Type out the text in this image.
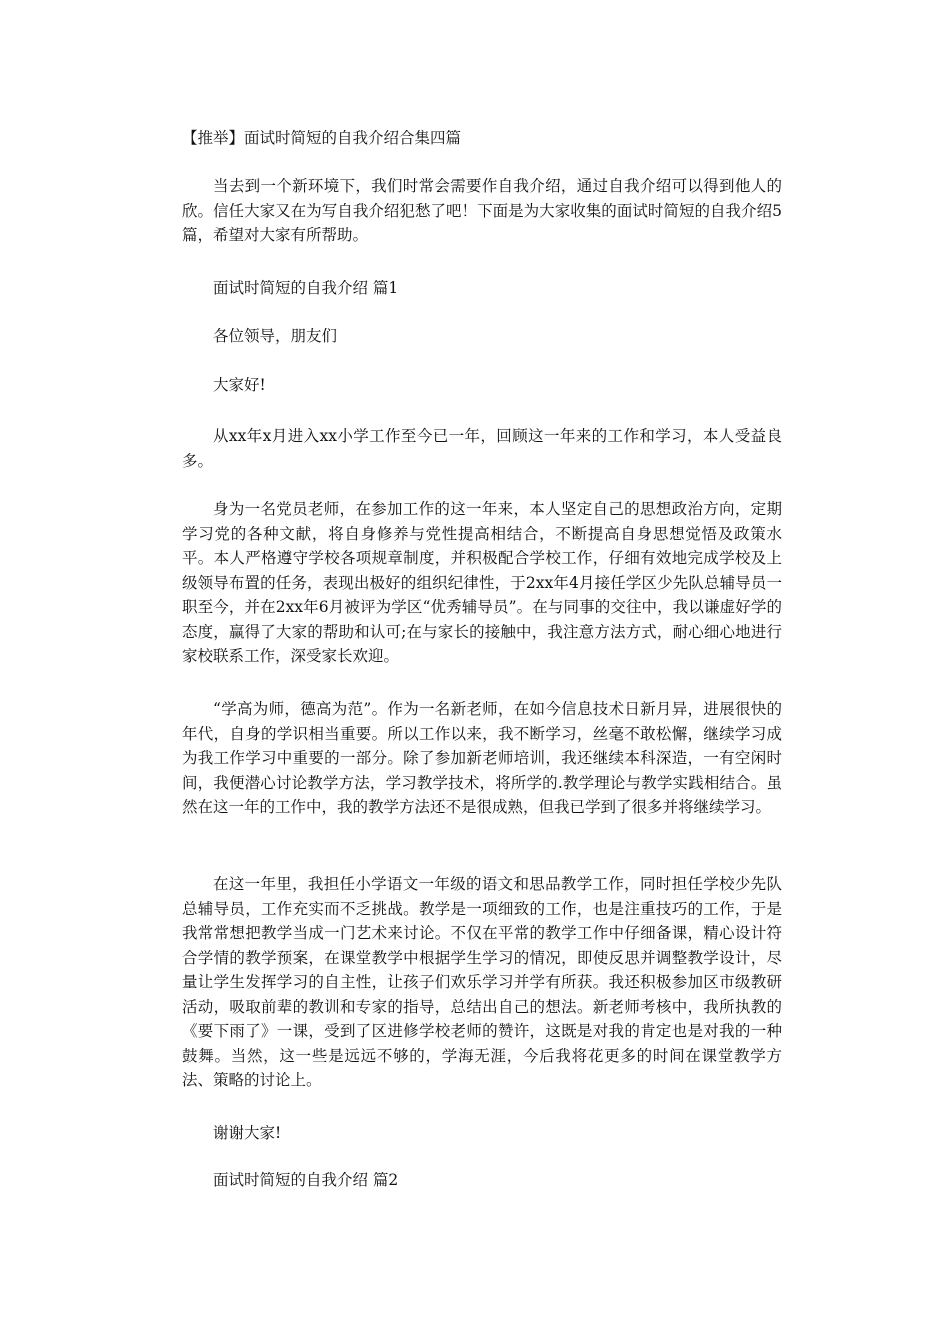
【推举】面试时简短的自我介绍合集四篇

当去到一个新环境下，我们时常会需要作自我介绍，通过自我介绍可以得到他人的欣。信任大家又在为写自我介绍犯愁了吧！下面是为大家收集的面试时简短的自我介绍5篇，希望对大家有所帮助。

面试时简短的自我介绍 篇1

各位领导，朋友们

大家好!

从xx年x月进入xx小学工作至今已一年，回顾这一年来的工作和学习，本人受益良多。

身为一名党员老师，在参加工作的这一年来，本人坚定自己的思想政治方向，定期学习党的各种文献，将自身修养与党性提高相结合，不断提高自身思想觉悟及政策水平。本人严格遵守学校各项规章制度，并积极配合学校工作，仔细有效地完成学校及上级领导布置的任务，表现出极好的组织纪律性，于2xx年4月接任学区少先队总辅导员一职至今，并在2xx年6月被评为学区“优秀辅导员”。在与同事的交往中，我以谦虚好学的态度，赢得了大家的帮助和认可;在与家长的接触中，我注意方法方式，耐心细心地进行家校联系工作，深受家长欢迎。

“学高为师，德高为范”。作为一名新老师，在如今信息技术日新月异，进展很快的年代，自身的学识相当重要。所以工作以来，我不断学习，丝毫不敢松懈，继续学习成为我工作学习中重要的一部分。除了参加新老师培训，我还继续本科深造，一有空闲时间，我便潜心讨论教学方法，学习教学技术，将所学的.教学理论与教学实践相结合。虽然在这一年的工作中，我的教学方法还不是很成熟，但我已学到了很多并将继续学习。

在这一年里，我担任小学语文一年级的语文和思品教学工作，同时担任学校少先队总辅导员，工作充实而不乏挑战。教学是一项细致的工作，也是注重技巧的工作，于是我常常想把教学当成一门艺术来讨论。不仅在平常的教学工作中仔细备课，精心设计符合学情的教学预案，在课堂教学中根据学生学习的情况，即使反思并调整教学设计，尽量让学生发挥学习的自主性，让孩子们欢乐学习并学有所获。我还积极参加区市级教研活动，吸取前辈的教训和专家的指导，总结出自己的想法。新老师考核中，我所执教的《要下雨了》一课，受到了区进修学校老师的赞许，这既是对我的肯定也是对我的一种鼓舞。当然，这一些是远远不够的，学海无涯，今后我将花更多的时间在课堂教学方法、策略的讨论上。

谢谢大家!

面试时简短的自我介绍 篇2
